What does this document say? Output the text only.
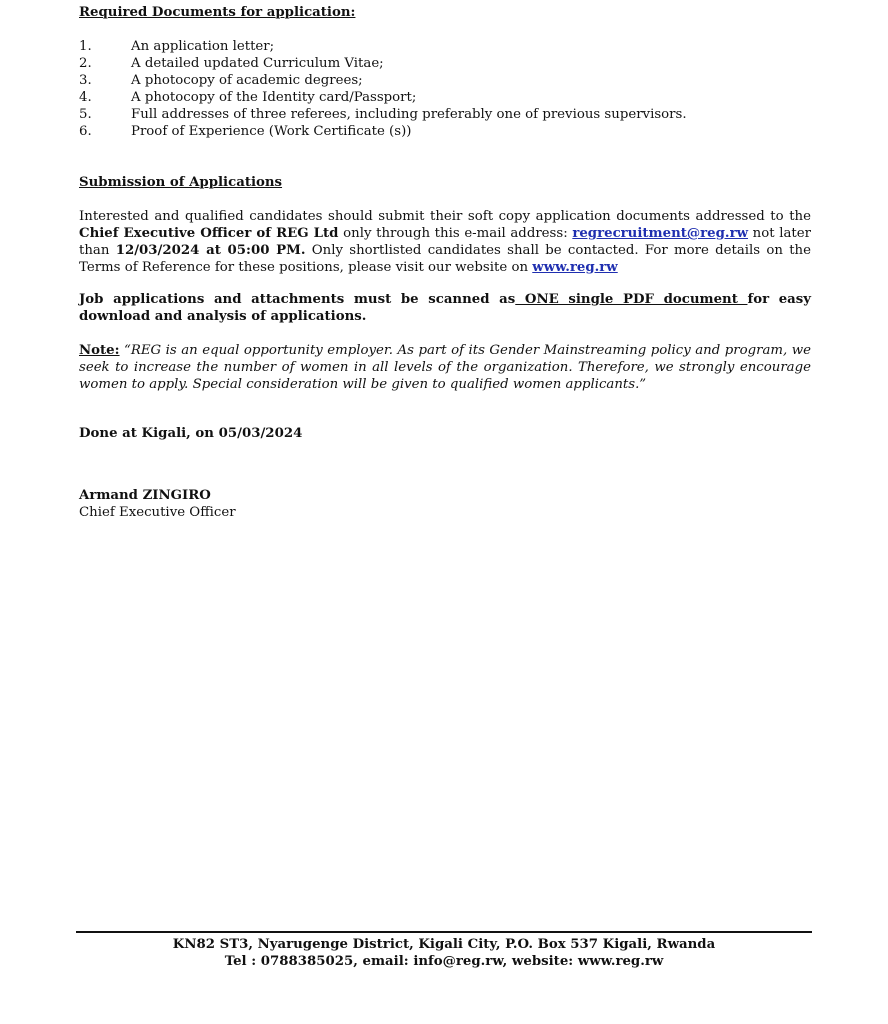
Required Documents for application:

1.	An application letter;
2.	A detailed updated Curriculum Vitae;
3.	A photocopy of academic degrees;
4.	A photocopy of the Identity card/Passport;
5.	Full addresses of three referees, including preferably one of previous supervisors.
6.	Proof of Experience (Work Certificate (s))

Submission of Applications

Interested and qualified candidates should submit their soft copy application documents addressed to the Chief Executive Officer of REG Ltd only through this e-mail address: regrecruitment@reg.rw not later than 12/03/2024 at 05:00 PM. Only shortlisted candidates shall be contacted. For more details on the Terms of Reference for these positions, please visit our website on www.reg.rw

Job applications and attachments must be scanned as ONE single PDF document for easy download and analysis of applications.

Note: “REG is an equal opportunity employer. As part of its Gender Mainstreaming policy and program, we seek to increase the number of women in all levels of the organization. Therefore, we strongly encourage women to apply. Special consideration will be given to qualified women applicants.”

Done at Kigali, on 05/03/2024

Armand ZINGIRO
Chief Executive Officer
KN82 ST3, Nyarugenge District, Kigali City, P.O. Box 537 Kigali, Rwanda
Tel : 0788385025, email: info@reg.rw, website: www.reg.rw
